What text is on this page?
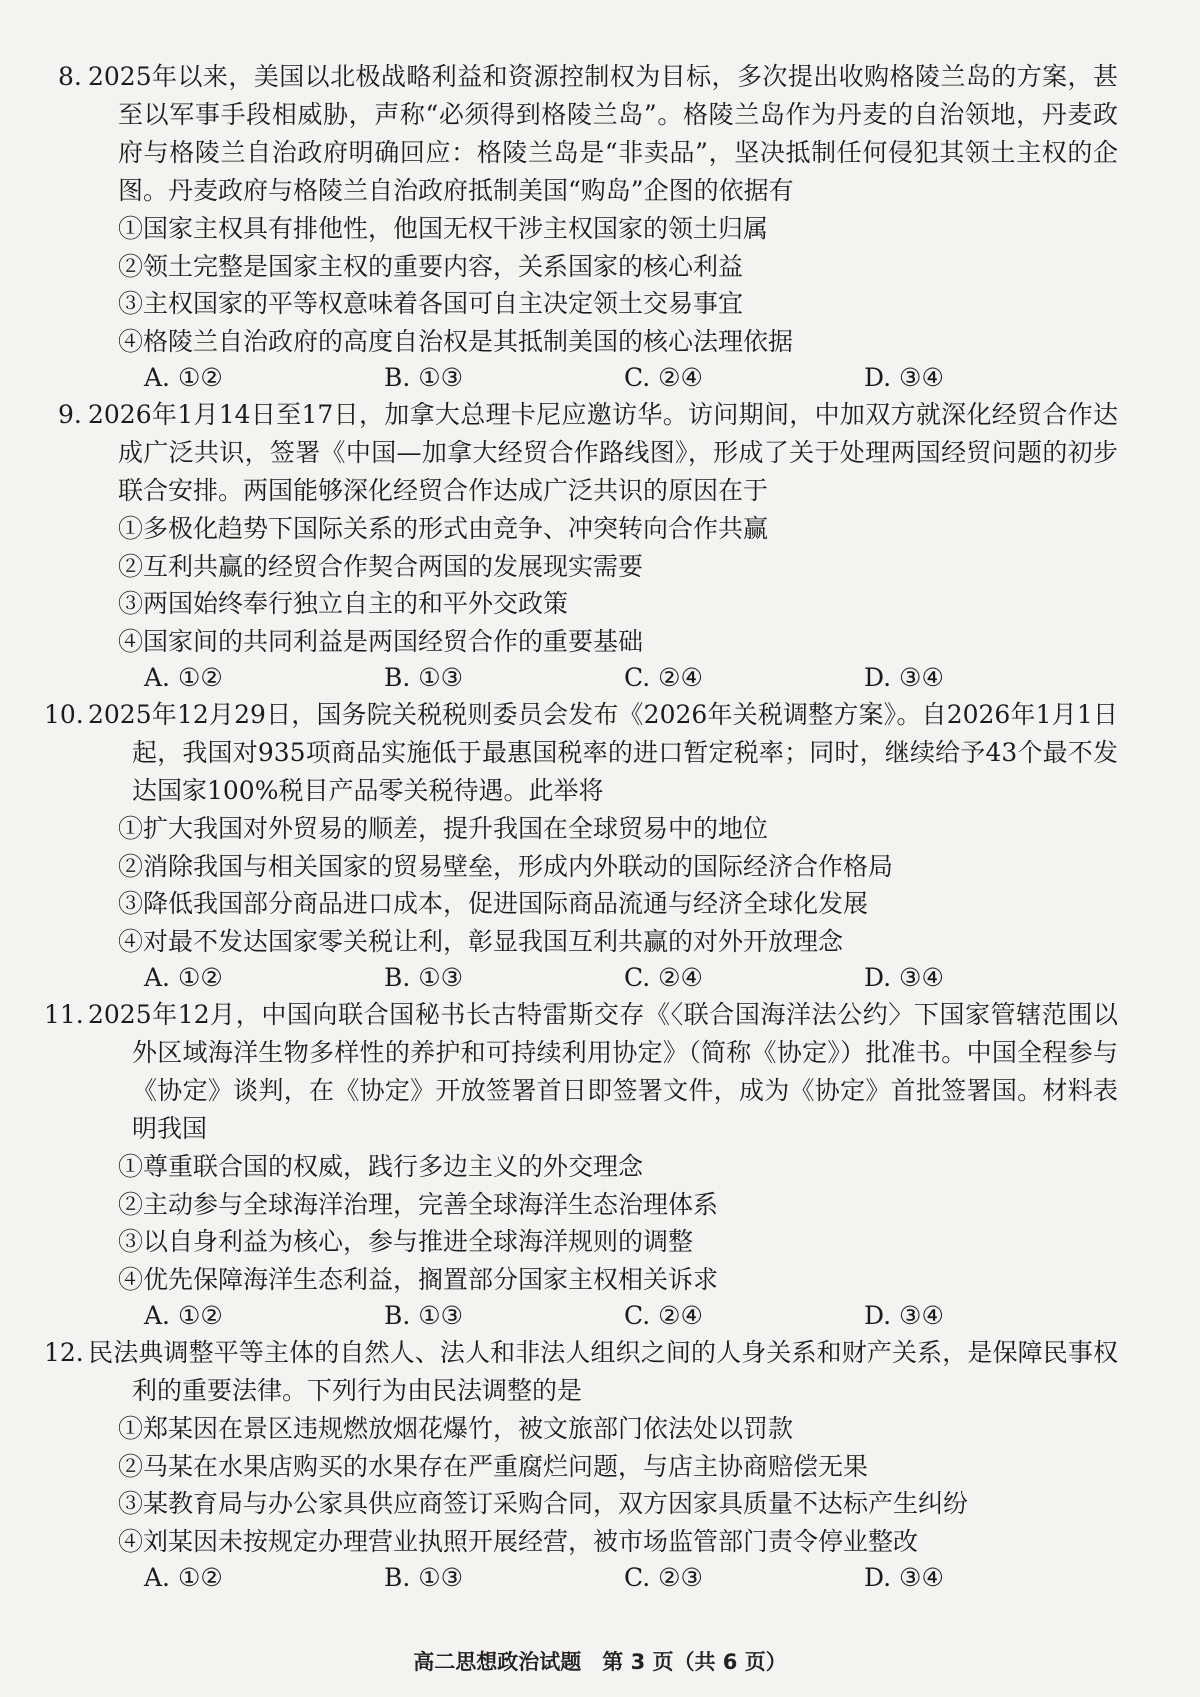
8. 2025年以来，美国以北极战略利益和资源控制权为目标，多次提出收购格陵兰岛的方案，甚至以军事手段相威胁，声称“必须得到格陵兰岛”。格陵兰岛作为丹麦的自治领地，丹麦政府与格陵兰自治政府明确回应：格陵兰岛是“非卖品”，坚决抵制任何侵犯其领土主权的企图。丹麦政府与格陵兰自治政府抵制美国“购岛”企图的依据有

①国家主权具有排他性，他国无权干涉主权国家的领土归属

②领土完整是国家主权的重要内容，关系国家的核心利益

③主权国家的平等权意味着各国可自主决定领土交易事宜

④格陵兰自治政府的高度自治权是其抵制美国的核心法理依据

A. ①②	B. ①③	C. ②④	D. ③④

9. 2026年1月14日至17日，加拿大总理卡尼应邀访华。访问期间，中加双方就深化经贸合作达成广泛共识，签署《中国—加拿大经贸合作路线图》，形成了关于处理两国经贸问题的初步联合安排。两国能够深化经贸合作达成广泛共识的原因在于

①多极化趋势下国际关系的形式由竞争、冲突转向合作共赢

②互利共赢的经贸合作契合两国的发展现实需要

③两国始终奉行独立自主的和平外交政策

④国家间的共同利益是两国经贸合作的重要基础

A. ①②	B. ①③	C. ②④	D. ③④

10. 2025年12月29日，国务院关税税则委员会发布《2026年关税调整方案》。自2026年1月1日起，我国对935项商品实施低于最惠国税率的进口暂定税率；同时，继续给予43个最不发达国家100%税目产品零关税待遇。此举将

①扩大我国对外贸易的顺差，提升我国在全球贸易中的地位

②消除我国与相关国家的贸易壁垒，形成内外联动的国际经济合作格局

③降低我国部分商品进口成本，促进国际商品流通与经济全球化发展

④对最不发达国家零关税让利，彰显我国互利共赢的对外开放理念

A. ①②	B. ①③	C. ②④	D. ③④

11. 2025年12月，中国向联合国秘书长古特雷斯交存《〈联合国海洋法公约〉下国家管辖范围以外区域海洋生物多样性的养护和可持续利用协定》（简称《协定》）批准书。中国全程参与《协定》谈判，在《协定》开放签署首日即签署文件，成为《协定》首批签署国。材料表明我国

①尊重联合国的权威，践行多边主义的外交理念

②主动参与全球海洋治理，完善全球海洋生态治理体系

③以自身利益为核心，参与推进全球海洋规则的调整

④优先保障海洋生态利益，搁置部分国家主权相关诉求

A. ①②	B. ①③	C. ②④	D. ③④

12. 民法典调整平等主体的自然人、法人和非法人组织之间的人身关系和财产关系，是保障民事权利的重要法律。下列行为由民法调整的是

①郑某因在景区违规燃放烟花爆竹，被文旅部门依法处以罚款

②马某在水果店购买的水果存在严重腐烂问题，与店主协商赔偿无果

③某教育局与办公家具供应商签订采购合同，双方因家具质量不达标产生纠纷

④刘某因未按规定办理营业执照开展经营，被市场监管部门责令停业整改

A. ①②	B. ①③	C. ②③	D. ③④
高二思想政治试题　第 3 页（共 6 页）
